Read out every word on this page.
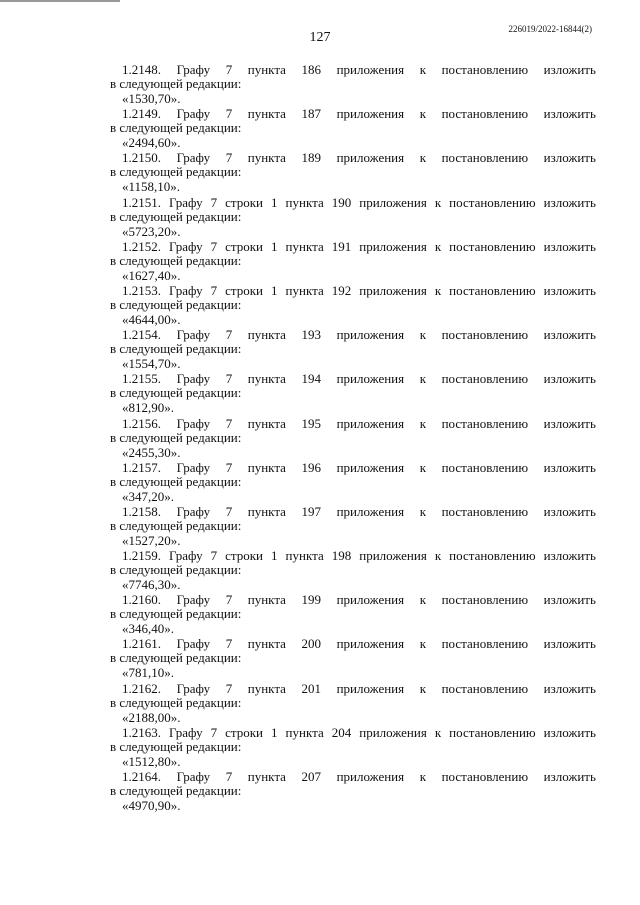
127
226019/2022-16844(2)
1.2148. Графу 7 пункта 186 приложения к постановлению изложить
в следующей редакции:
«1530,70».
1.2149. Графу 7 пункта 187 приложения к постановлению изложить
в следующей редакции:
«2494,60».
1.2150. Графу 7 пункта 189 приложения к постановлению изложить
в следующей редакции:
«1158,10».
1.2151. Графу 7 строки 1 пункта 190 приложения к постановлению изложить
в следующей редакции:
«5723,20».
1.2152. Графу 7 строки 1 пункта 191 приложения к постановлению изложить
в следующей редакции:
«1627,40».
1.2153. Графу 7 строки 1 пункта 192 приложения к постановлению изложить
в следующей редакции:
«4644,00».
1.2154. Графу 7 пункта 193 приложения к постановлению изложить
в следующей редакции:
«1554,70».
1.2155. Графу 7 пункта 194 приложения к постановлению изложить
в следующей редакции:
«812,90».
1.2156. Графу 7 пункта 195 приложения к постановлению изложить
в следующей редакции:
«2455,30».
1.2157. Графу 7 пункта 196 приложения к постановлению изложить
в следующей редакции:
«347,20».
1.2158. Графу 7 пункта 197 приложения к постановлению изложить
в следующей редакции:
«1527,20».
1.2159. Графу 7 строки 1 пункта 198 приложения к постановлению изложить
в следующей редакции:
«7746,30».
1.2160. Графу 7 пункта 199 приложения к постановлению изложить
в следующей редакции:
«346,40».
1.2161. Графу 7 пункта 200 приложения к постановлению изложить
в следующей редакции:
«781,10».
1.2162. Графу 7 пункта 201 приложения к постановлению изложить
в следующей редакции:
«2188,00».
1.2163. Графу 7 строки 1 пункта 204 приложения к постановлению изложить
в следующей редакции:
«1512,80».
1.2164. Графу 7 пункта 207 приложения к постановлению изложить
в следующей редакции:
«4970,90».
